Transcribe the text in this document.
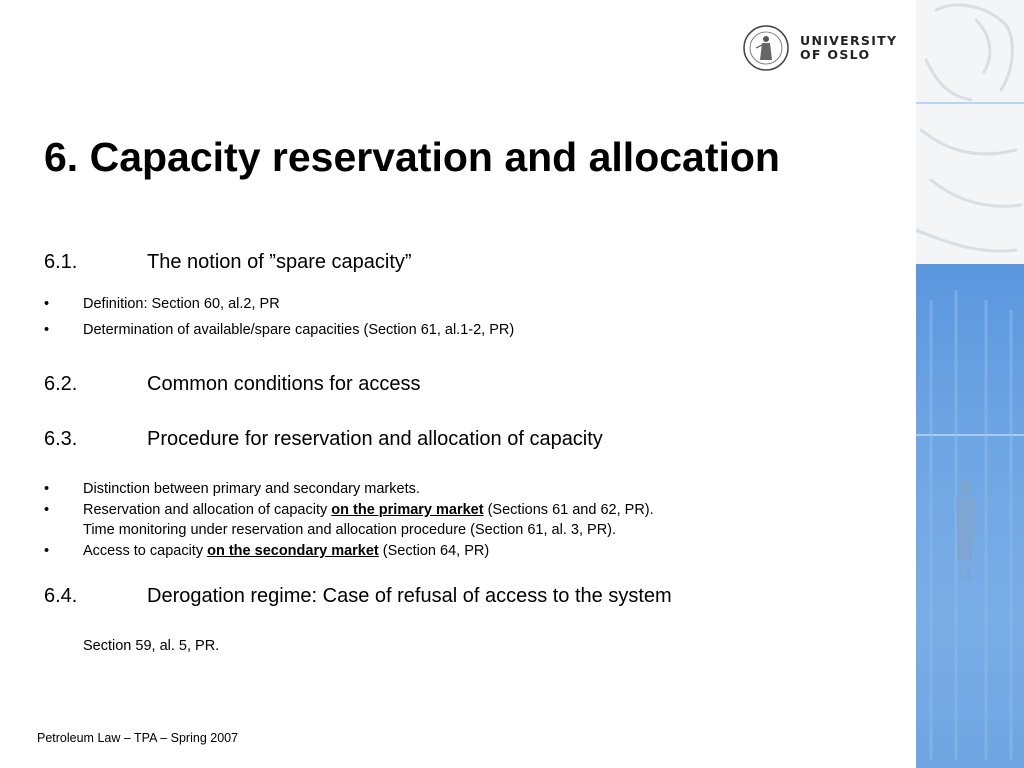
UNIVERSITY
OF OSLO
6. Capacity reservation and allocation
6.1.	The notion of ”spare capacity”
• Definition: Section 60, al.2, PR
• Determination of available/spare capacities (Section 61, al.1-2, PR)
6.2.	Common conditions for access
6.3.	Procedure for reservation and allocation of capacity
• Distinction between primary and secondary markets.
• Reservation and allocation of capacity on the primary market (Sections 61 and 62, PR).
Time monitoring under reservation and allocation procedure (Section 61, al. 3, PR).
• Access to capacity on the secondary market (Section 64, PR)
6.4.	Derogation regime: Case of refusal of access to the system
Section 59, al. 5, PR.
Petroleum Law – TPA – Spring 2007
